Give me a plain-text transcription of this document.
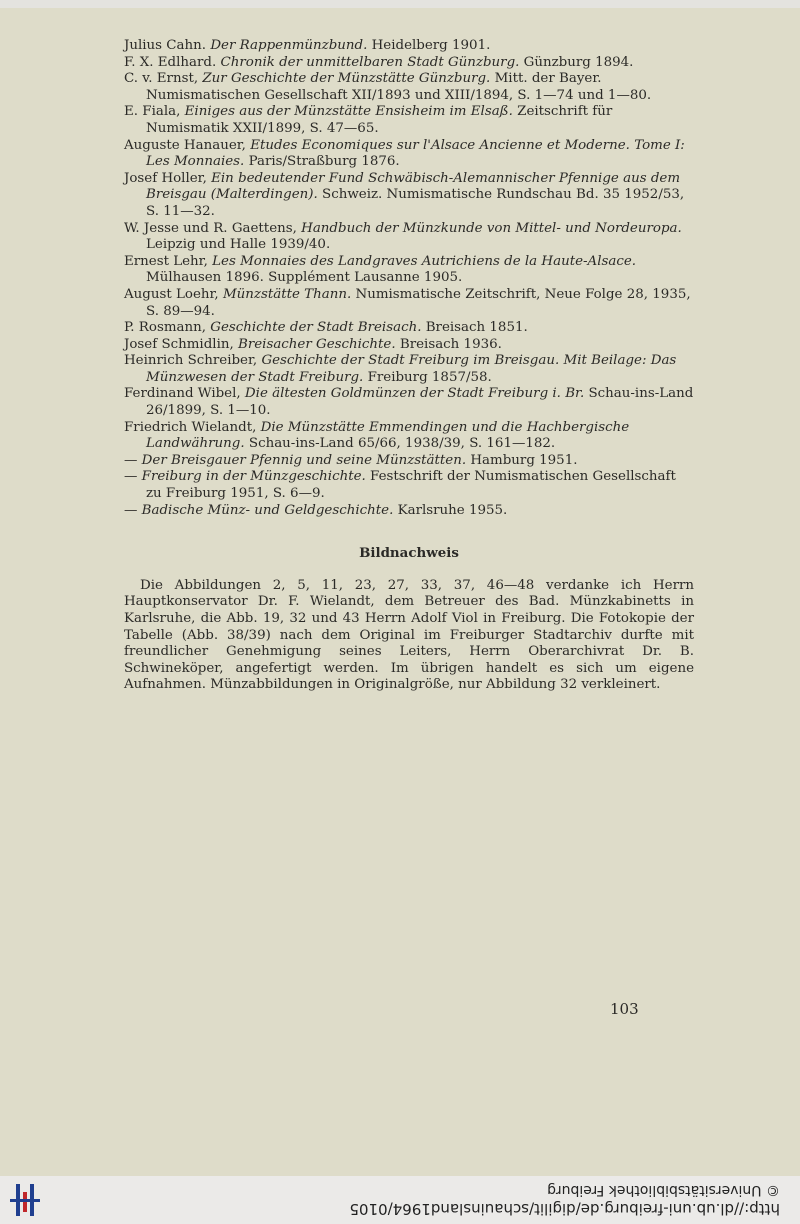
http://dl.ub.uni-freiburg.de/digilit/schauinsland1964/0105
© Universitätsbibliothek Freiburg

Julius Cahn. Der Rappenmünzbund. Heidelberg 1901.

F. X. Edlhard. Chronik der unmittelbaren Stadt Günzburg. Günzburg 1894.

C. v. Ernst, Zur Geschichte der Münzstätte Günzburg. Mitt. der Bayer. Numismatischen Gesellschaft XII/1893 und XIII/1894, S. 1—74 und 1—80.

E. Fiala, Einiges aus der Münzstätte Ensisheim im Elsaß. Zeitschrift für Numismatik XXII/1899, S. 47—65.

Auguste Hanauer, Etudes Economiques sur l'Alsace Ancienne et Moderne. Tome I: Les Monnaies. Paris/Straßburg 1876.

Josef Holler, Ein bedeutender Fund Schwäbisch-Alemannischer Pfennige aus dem Breisgau (Malterdingen). Schweiz. Numismatische Rundschau Bd. 35 1952/53, S. 11—32.

W. Jesse und R. Gaettens, Handbuch der Münzkunde von Mittel- und Nordeuropa. Leipzig und Halle 1939/40.

Ernest Lehr, Les Monnaies des Landgraves Autrichiens de la Haute-Alsace. Mülhausen 1896. Supplément Lausanne 1905.

August Loehr, Münzstätte Thann. Numismatische Zeitschrift, Neue Folge 28, 1935, S. 89—94.

P. Rosmann, Geschichte der Stadt Breisach. Breisach 1851.

Josef Schmidlin, Breisacher Geschichte. Breisach 1936.

Heinrich Schreiber, Geschichte der Stadt Freiburg im Breisgau. Mit Beilage: Das Münzwesen der Stadt Freiburg. Freiburg 1857/58.

Ferdinand Wibel, Die ältesten Goldmünzen der Stadt Freiburg i. Br. Schau-ins-Land 26/1899, S. 1—10.

Friedrich Wielandt, Die Münzstätte Emmendingen und die Hachbergische Landwährung. Schau-ins-Land 65/66, 1938/39, S. 161—182.

— Der Breisgauer Pfennig und seine Münzstätten. Hamburg 1951.

— Freiburg in der Münzgeschichte. Festschrift der Numismatischen Gesellschaft zu Freiburg 1951, S. 6—9.

— Badische Münz- und Geldgeschichte. Karlsruhe 1955.

Bildnachweis

Die Abbildungen 2, 5, 11, 23, 27, 33, 37, 46—48 verdanke ich Herrn Hauptkonservator Dr. F. Wielandt, dem Betreuer des Bad. Münzkabinetts in Karlsruhe, die Abb. 19, 32 und 43 Herrn Adolf Viol in Freiburg. Die Fotokopie der Tabelle (Abb. 38/39) nach dem Original im Freiburger Stadtarchiv durfte mit freundlicher Genehmigung seines Leiters, Herrn Oberarchivrat Dr. B. Schwineköper, angefertigt werden. Im übrigen handelt es sich um eigene Aufnahmen. Münzabbildungen in Originalgröße, nur Abbildung 32 verkleinert.

103
